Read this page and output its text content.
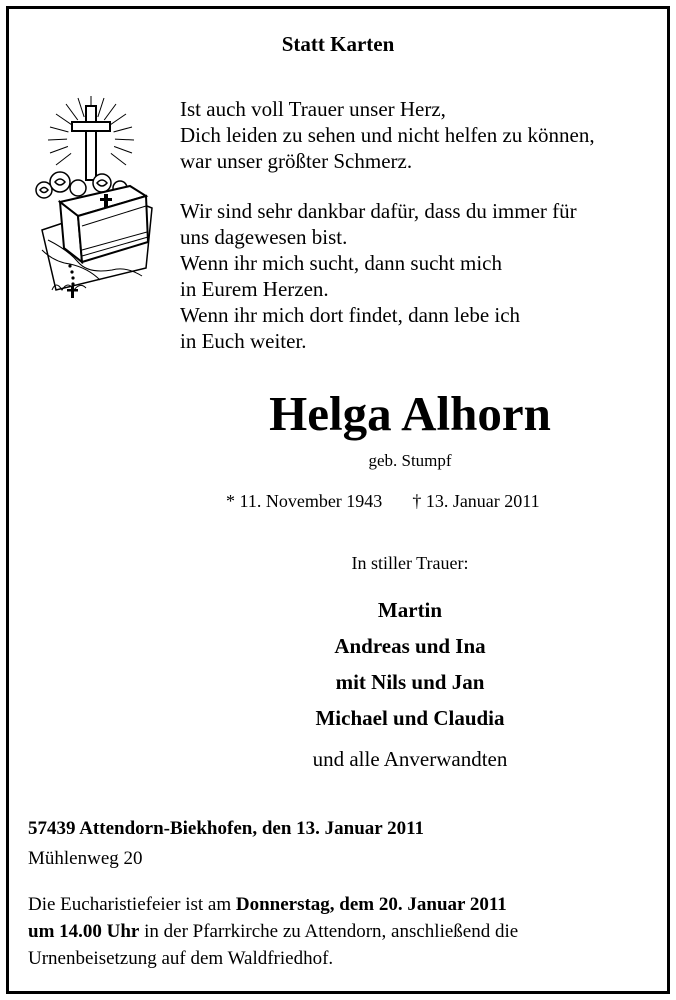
Statt Karten
Ist auch voll Trauer unser Herz,
Dich leiden zu sehen und nicht helfen zu können,
war unser größter Schmerz.
Wir sind sehr dankbar dafür, dass du immer für
uns dagewesen bist.
Wenn ihr mich sucht, dann sucht mich
in Eurem Herzen.
Wenn ihr mich dort findet, dann lebe ich
in Euch weiter.
Helga Alhorn
geb. Stumpf
* 11. November 1943 † 13. Januar 2011
In stiller Trauer:
Martin
Andreas und Ina
mit Nils und Jan
Michael und Claudia
und alle Anverwandten
57439 Attendorn-Biekhofen, den 13. Januar 2011
Mühlenweg 20
Die Eucharistiefeier ist am Donnerstag, dem 20. Januar 2011
um 14.00 Uhr in der Pfarrkirche zu Attendorn, anschließend die
Urnenbeisetzung auf dem Waldfriedhof.
